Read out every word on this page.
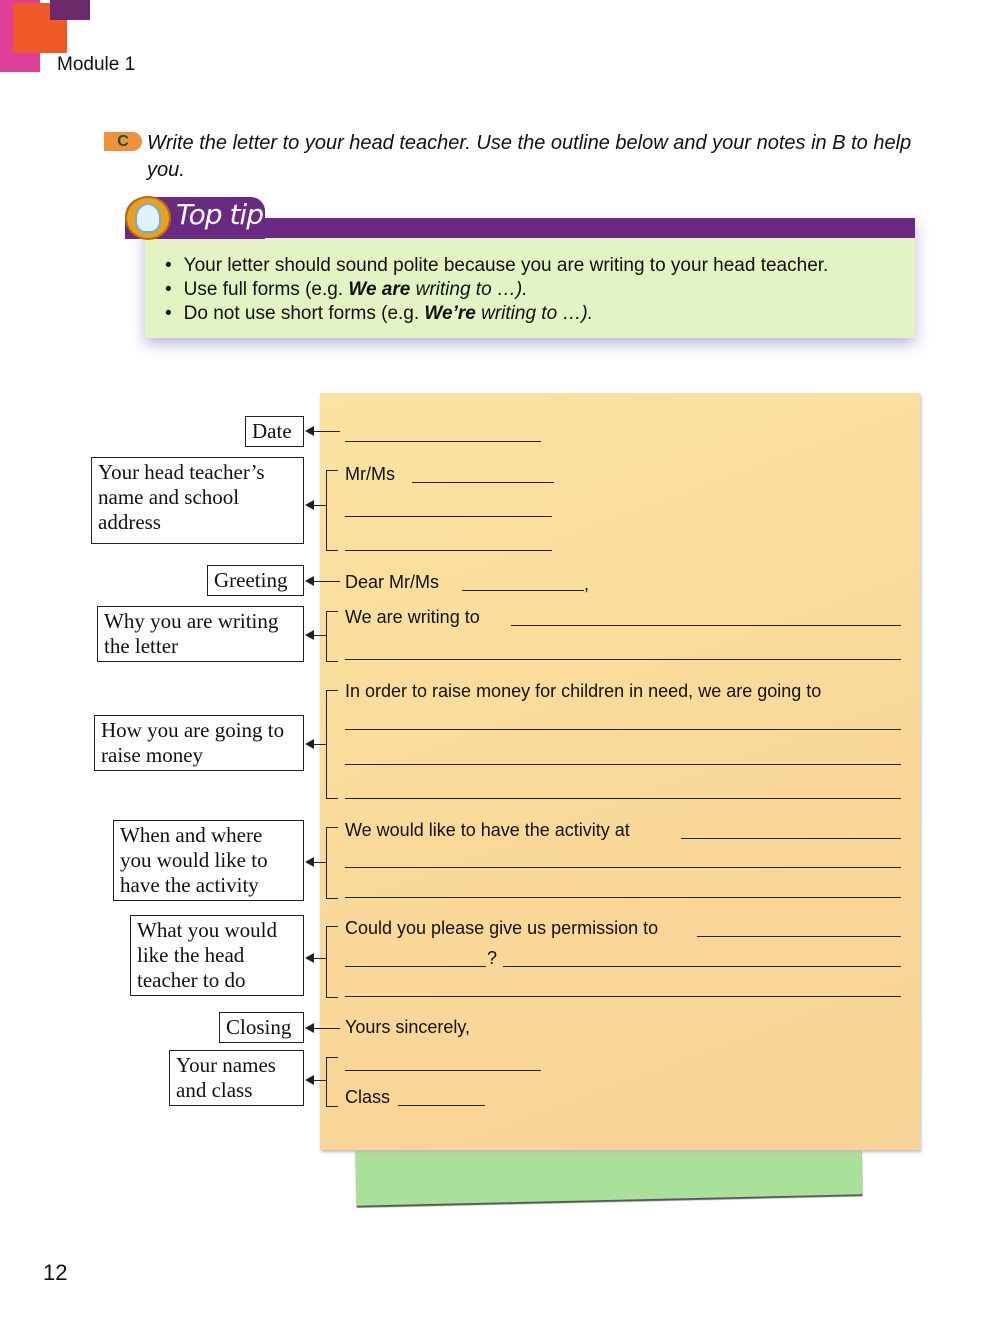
Module 1
C Write the letter to your head teacher. Use the outline below and your notes in B to help you.
Top tip
• Your letter should sound polite because you are writing to your head teacher.
• Use full forms (e.g. We are writing to …).
• Do not use short forms (e.g. We’re writing to …).
Date
Your head teacher’s name and school address
Greeting
Why you are writing the letter
How you are going to raise money
When and where you would like to have the activity
What you would like the head teacher to do
Closing
Your names and class
Mr/Ms
Dear Mr/Ms	,
We are writing to
In order to raise money for children in need, we are going to
We would like to have the activity at
Could you please give us permission to
?
Yours sincerely,
Class
12
